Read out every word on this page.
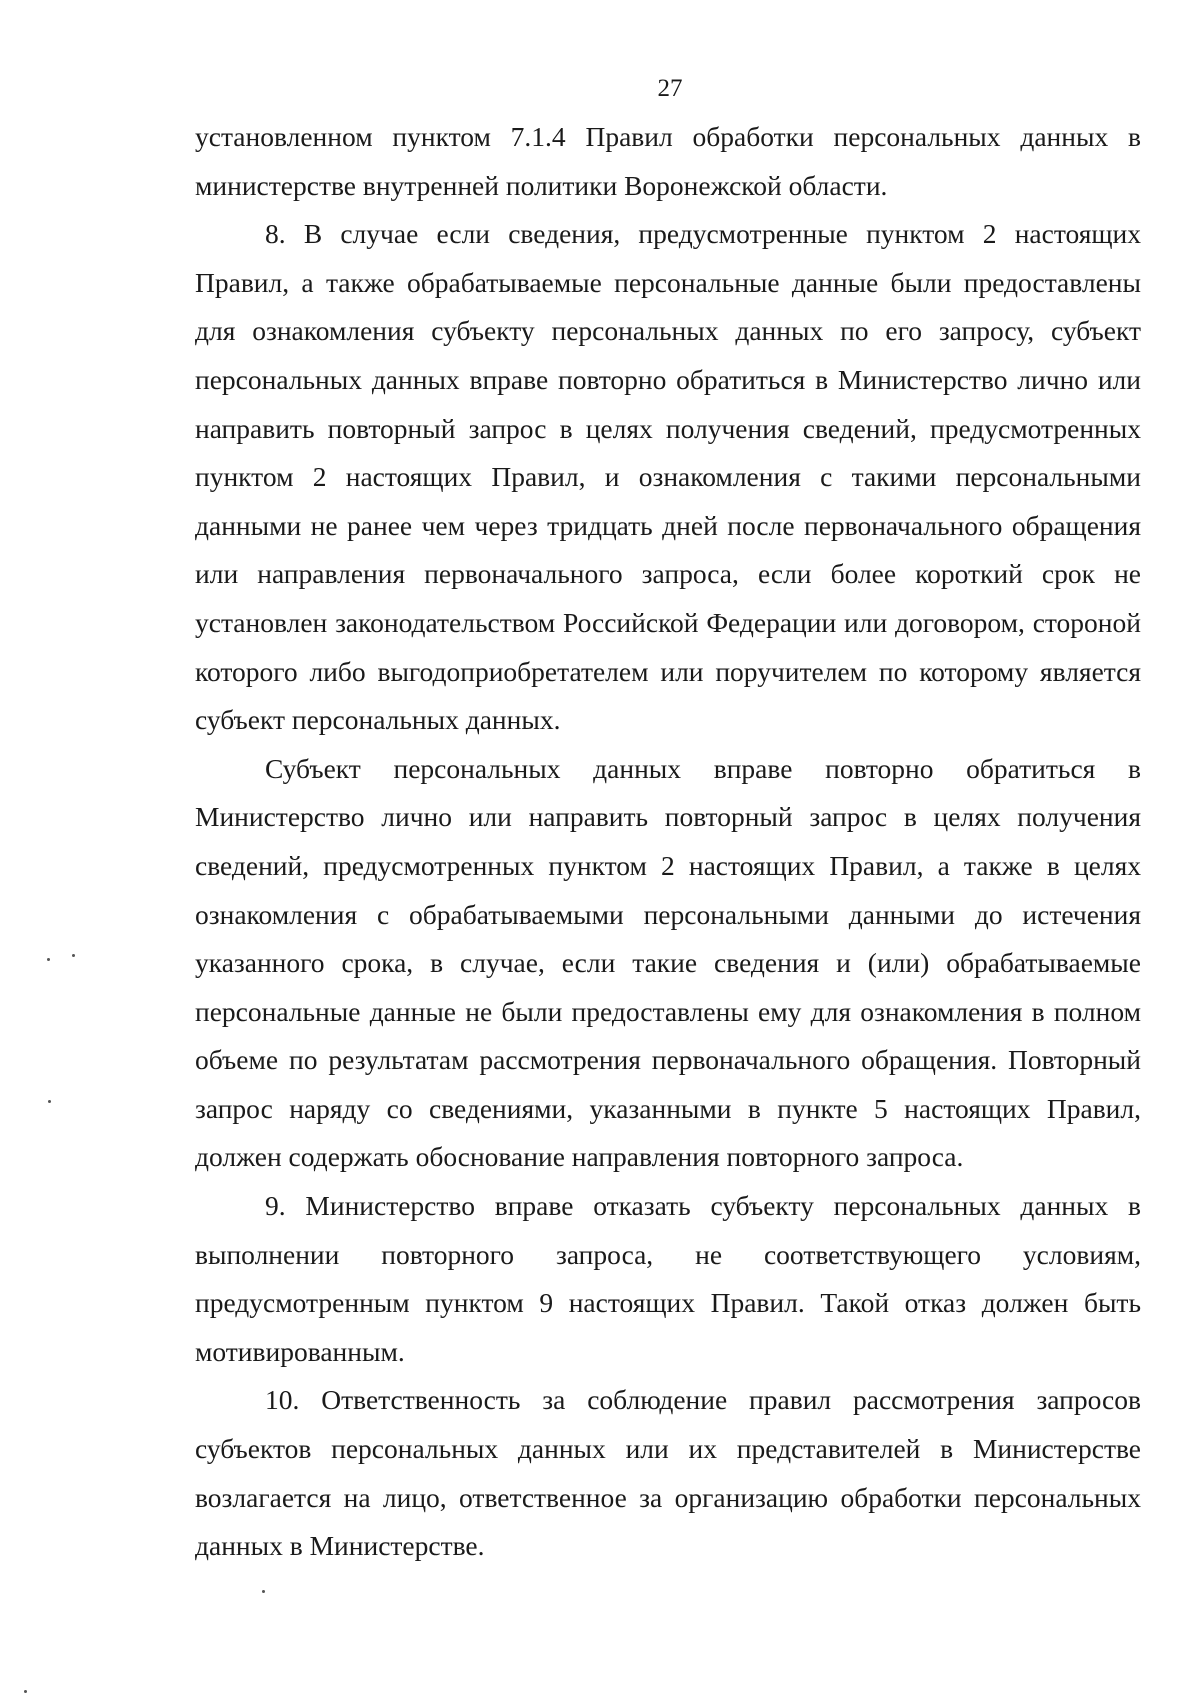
27

установленном пунктом 7.1.4 Правил обработки персональных данных в министерстве внутренней политики Воронежской области.

8. В случае если сведения, предусмотренные пунктом 2 настоящих Правил, а также обрабатываемые персональные данные были предоставлены для ознакомления субъекту персональных данных по его запросу, субъект персональных данных вправе повторно обратиться в Министерство лично или направить повторный запрос в целях получения сведений, предусмотренных пунктом 2 настоящих Правил, и ознакомления с такими персональными данными не ранее чем через тридцать дней после первоначального обращения или направления первоначального запроса, если более короткий срок не установлен законодательством Российской Федерации или договором, стороной которого либо выгодоприобретателем или поручителем по которому является субъект персональных данных.

Субъект персональных данных вправе повторно обратиться в Министерство лично или направить повторный запрос в целях получения сведений, предусмотренных пунктом 2 настоящих Правил, а также в целях ознакомления с обрабатываемыми персональными данными до истечения указанного срока, в случае, если такие сведения и (или) обрабатываемые персональные данные не были предоставлены ему для ознакомления в полном объеме по результатам рассмотрения первоначального обращения. Повторный запрос наряду со сведениями, указанными в пункте 5 настоящих Правил, должен содержать обоснование направления повторного запроса.

9. Министерство вправе отказать субъекту персональных данных в выполнении повторного запроса, не соответствующего условиям, предусмотренным пунктом 9 настоящих Правил. Такой отказ должен быть мотивированным.

10. Ответственность за соблюдение правил рассмотрения запросов субъектов персональных данных или их представителей в Министерстве возлагается на лицо, ответственное за организацию обработки персональных данных в Министерстве.
